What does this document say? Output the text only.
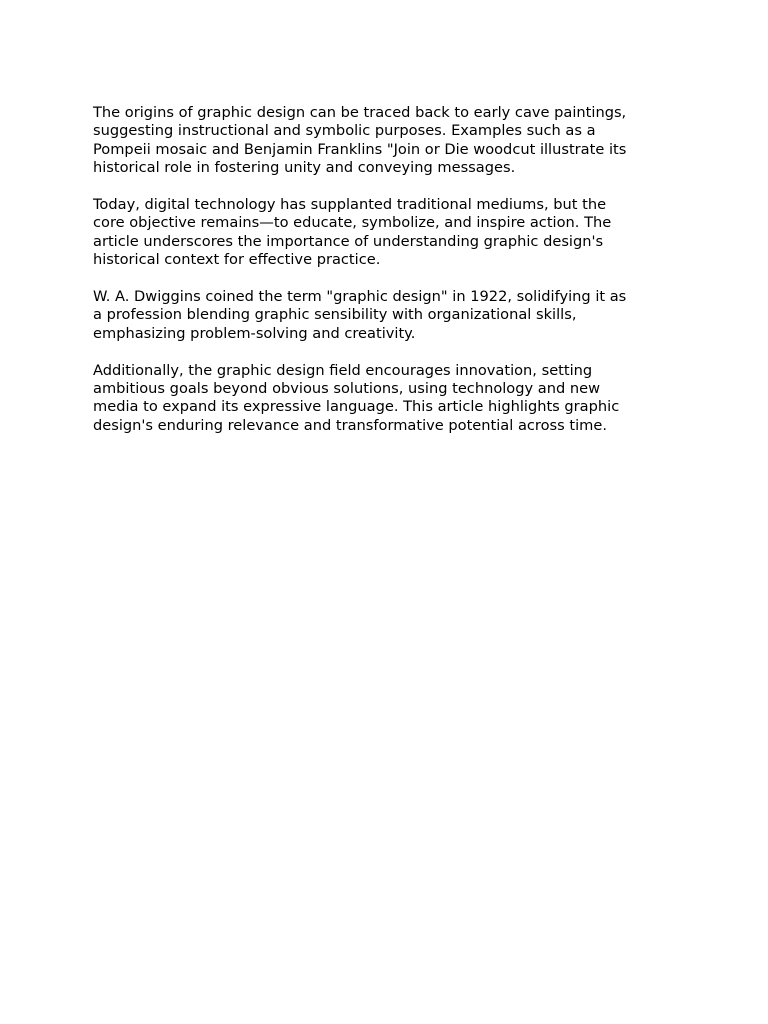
The origins of graphic design can be traced back to early cave paintings,
suggesting instructional and symbolic purposes. Examples such as a
Pompeii mosaic and Benjamin Franklins "Join or Die woodcut illustrate its
historical role in fostering unity and conveying messages.

Today, digital technology has supplanted traditional mediums, but the
core objective remains—to educate, symbolize, and inspire action. The
article underscores the importance of understanding graphic design's
historical context for effective practice.

W. A. Dwiggins coined the term "graphic design" in 1922, solidifying it as
a profession blending graphic sensibility with organizational skills,
emphasizing problem-solving and creativity.

Additionally, the graphic design field encourages innovation, setting
ambitious goals beyond obvious solutions, using technology and new
media to expand its expressive language. This article highlights graphic
design's enduring relevance and transformative potential across time.
